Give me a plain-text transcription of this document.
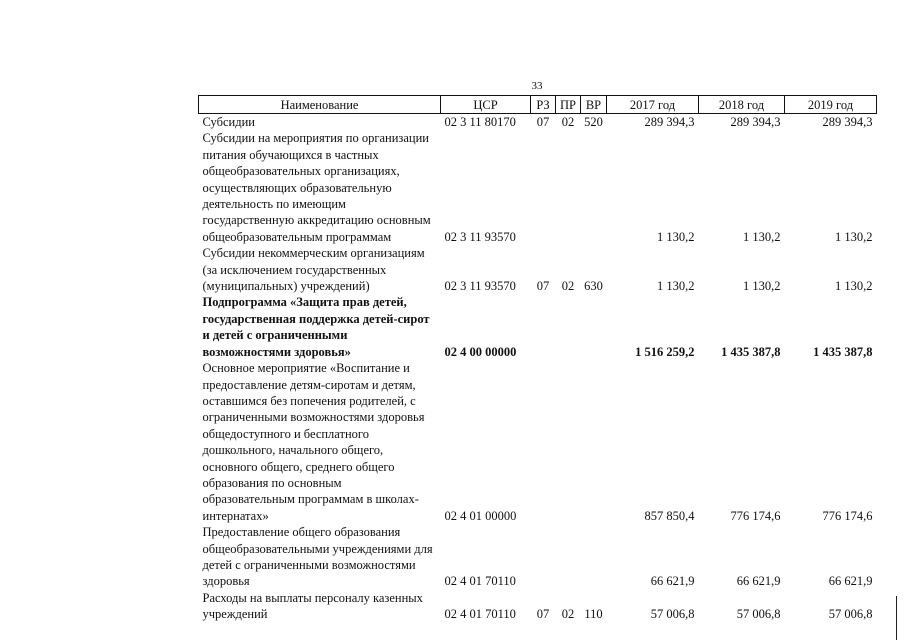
33
Наименование	ЦСР	РЗ	ПР	ВР	2017 год	2018 год	2019 год
Субсидии	02 3 11 80170	07	02	520	289 394,3	289 394,3	289 394,3
Субсидии на мероприятия по организации питания обучающихся в частных общеобразовательных организациях, осуществляющих образовательную деятельность по имеющим государственную аккредитацию основным общеобразовательным программам	02 3 11 93570				1 130,2	1 130,2	1 130,2
Субсидии некоммерческим организациям (за исключением государственных (муниципальных) учреждений)	02 3 11 93570	07	02	630	1 130,2	1 130,2	1 130,2
Подпрограмма «Защита прав детей, государственная поддержка детей-сирот и детей с ограниченными возможностями здоровья»	02 4 00 00000				1 516 259,2	1 435 387,8	1 435 387,8
Основное мероприятие «Воспитание и предоставление детям-сиротам и детям, оставшимся без попечения родителей, с ограниченными возможностями здоровья общедоступного и бесплатного дошкольного, начального общего, основного общего, среднего общего образования по основным образовательным программам в школах-интернатах»	02 4 01 00000				857 850,4	776 174,6	776 174,6
Предоставление общего образования общеобразовательными учреждениями для детей с ограниченными возможностями здоровья	02 4 01 70110				66 621,9	66 621,9	66 621,9
Расходы на выплаты персоналу казенных учреждений	02 4 01 70110	07	02	110	57 006,8	57 006,8	57 006,8
